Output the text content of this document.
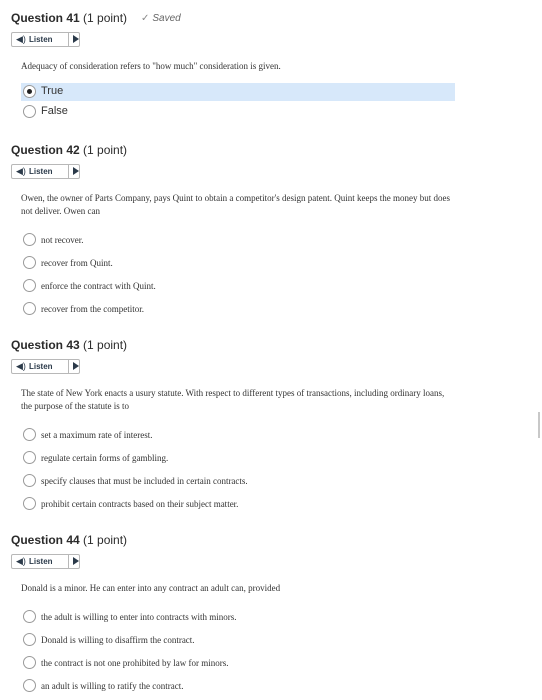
Question 41 (1 point) ✓ Saved
◀) Listen
Adequacy of consideration refers to "how much" consideration is given.
True
False
Question 42 (1 point)
◀) Listen
Owen, the owner of Parts Company, pays Quint to obtain a competitor's design patent. Quint keeps the money but does not deliver. Owen can
not recover.
recover from Quint.
enforce the contract with Quint.
recover from the competitor.
Question 43 (1 point)
◀) Listen
The state of New York enacts a usury statute. With respect to different types of transactions, including ordinary loans, the purpose of the statute is to
set a maximum rate of interest.
regulate certain forms of gambling.
specify clauses that must be included in certain contracts.
prohibit certain contracts based on their subject matter.
Question 44 (1 point)
◀) Listen
Donald is a minor. He can enter into any contract an adult can, provided
the adult is willing to enter into contracts with minors.
Donald is willing to disaffirm the contract.
the contract is not one prohibited by law for minors.
an adult is willing to ratify the contract.
